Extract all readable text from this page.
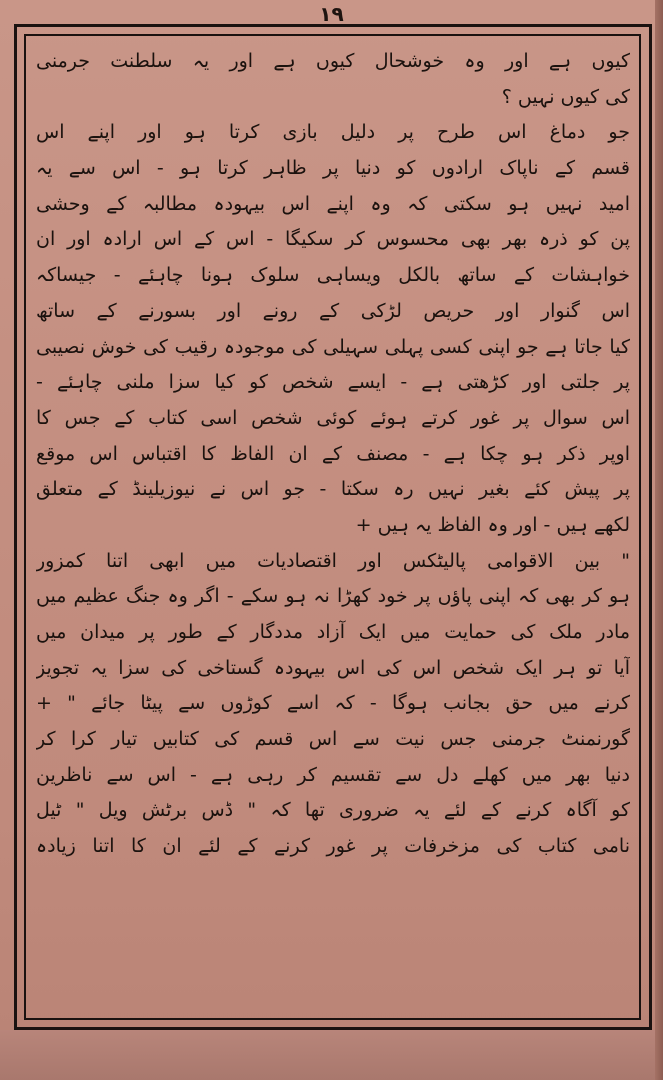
۱۹
کیوں ہے اور وہ خوشحال کیوں ہے اور یہ سلطنت جرمنی
کی کیوں نہیں ؟
جو دماغ اس طرح پر دلیل بازی کرتا ہو اور اپنے اس
قسم کے ناپاک ارادوں کو دنیا پر ظاہر کرتا ہو - اس سے یہ
امید نہیں ہو سکتی کہ وہ اپنے اس بیہودہ مطالبہ کے وحشی
پن کو ذرہ بھر بھی محسوس کر سکیگا - اس کے اس ارادہ اور ان
خواہشات کے ساتھ بالکل ویساہی سلوک ہونا چاہئے - جیساکہ
اس گنوار اور حریص لڑکی کے رونے اور بسورنے کے ساتھ
کیا جاتا ہے جو اپنی کسی پہلی سہیلی کی موجودہ رقیب کی خوش نصیبی
پر جلتی اور کڑھتی ہے - ایسے شخص کو کیا سزا ملنی چاہئے -
اس سوال پر غور کرتے ہوئے کوئی شخص اسی کتاب کے جس کا
اوپر ذکر ہو چکا ہے - مصنف کے ان الفاظ کا اقتباس اس موقع
پر پیش کئے بغیر نہیں رہ سکتا - جو اس نے نیوزیلینڈ کے متعلق
لکھے ہیں - اور وہ الفاظ یہ ہیں +
" بین الاقوامی پالیٹکس اور اقتصادیات میں ابھی اتنا کمزور
ہو کر بھی کہ اپنی پاؤں پر خود کھڑا نہ ہو سکے - اگر وہ جنگ عظیم میں
مادر ملک کی حمایت میں ایک آزاد مددگار کے طور پر میدان میں
آیا تو ہر ایک شخص اس کی اس بیہودہ گستاخی کی سزا یہ تجویز
کرنے میں حق بجانب ہوگا - کہ اسے کوڑوں سے پیٹا جائے " +
گورنمنٹ جرمنی جس نیت سے اس قسم کی کتابیں تیار کرا کر
دنیا بھر میں کھلے دل سے تقسیم کر رہی ہے - اس سے ناظرین
کو آگاہ کرنے کے لئے یہ ضروری تھا کہ " ڈس برٹش ویل " ٹیل
نامی کتاب کی مزخرفات پر غور کرنے کے لئے ان کا اتنا زیادہ
